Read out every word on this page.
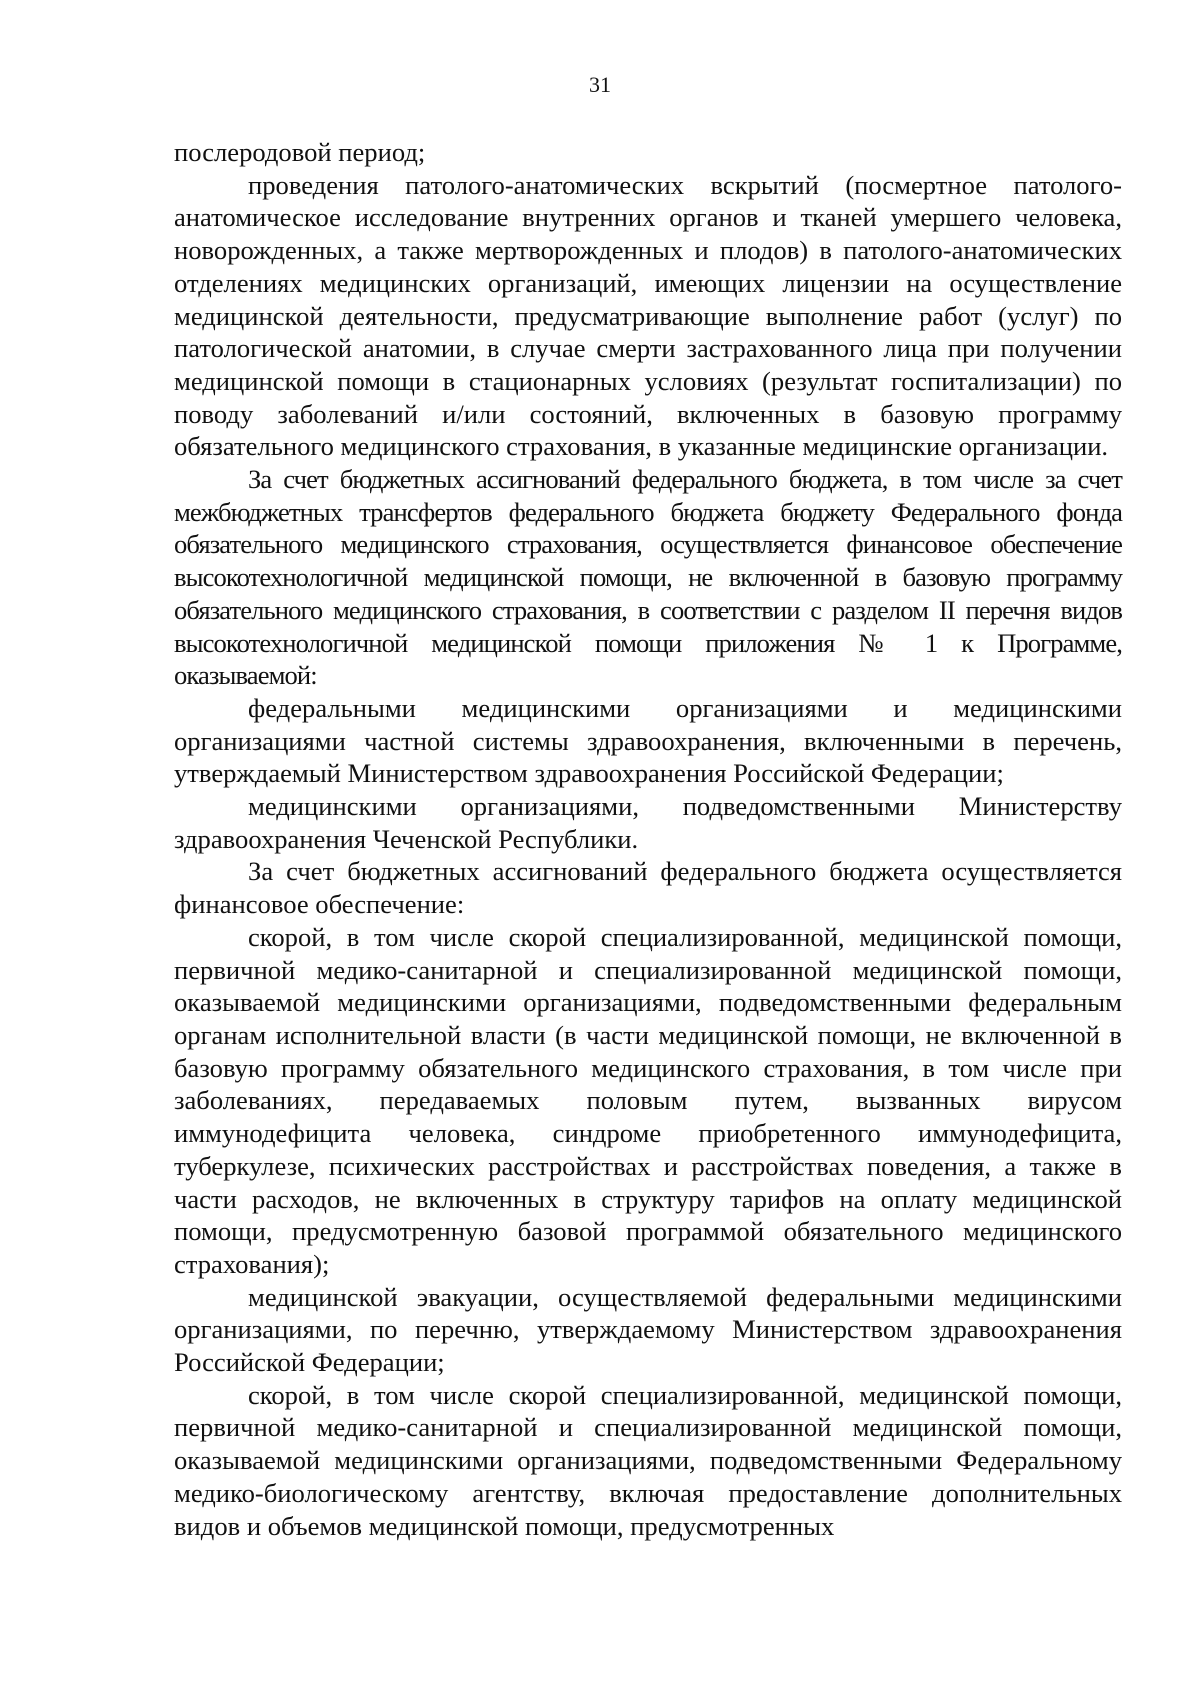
31

послеродовой период;

проведения патолого-анатомических вскрытий (посмертное патолого-анатомическое исследование внутренних органов и тканей умершего человека, новорожденных, а также мертворожденных и плодов) в патолого-анатомических отделениях медицинских организаций, имеющих лицензии на осуществление медицинской деятельности, предусматривающие выполнение работ (услуг) по патологической анатомии, в случае смерти застрахованного лица при получении медицинской помощи в стационарных условиях (результат госпитализации) по поводу заболеваний и/или состояний, включенных в базовую программу обязательного медицинского страхования, в указанные медицинские организации.

За счет бюджетных ассигнований федерального бюджета, в том числе за счет межбюджетных трансфертов федерального бюджета бюджету Федерального фонда обязательного медицинского страхования, осуществляется финансовое обеспечение высокотехнологичной медицинской помощи, не включенной в базовую программу обязательного медицинского страхования, в соответствии с разделом II перечня видов высокотехнологичной медицинской помощи приложения № 1 к Программе, оказываемой:

федеральными медицинскими организациями и медицинскими организациями частной системы здравоохранения, включенными в перечень, утверждаемый Министерством здравоохранения Российской Федерации;

медицинскими организациями, подведомственными Министерству здравоохранения Чеченской Республики.

За счет бюджетных ассигнований федерального бюджета осуществляется финансовое обеспечение:

скорой, в том числе скорой специализированной, медицинской помощи, первичной медико-санитарной и специализированной медицинской помощи, оказываемой медицинскими организациями, подведомственными федеральным органам исполнительной власти (в части медицинской помощи, не включенной в базовую программу обязательного медицинского страхования, в том числе при заболеваниях, передаваемых половым путем, вызванных вирусом иммунодефицита человека, синдроме приобретенного иммунодефицита, туберкулезе, психических расстройствах и расстройствах поведения, а также в части расходов, не включенных в структуру тарифов на оплату медицинской помощи, предусмотренную базовой программой обязательного медицинского страхования);

медицинской эвакуации, осуществляемой федеральными медицинскими организациями, по перечню, утверждаемому Министерством здравоохранения Российской Федерации;

скорой, в том числе скорой специализированной, медицинской помощи, первичной медико-санитарной и специализированной медицинской помощи, оказываемой медицинскими организациями, подведомственными Федеральному медико-биологическому агентству, включая предоставление дополнительных видов и объемов медицинской помощи, предусмотренных
